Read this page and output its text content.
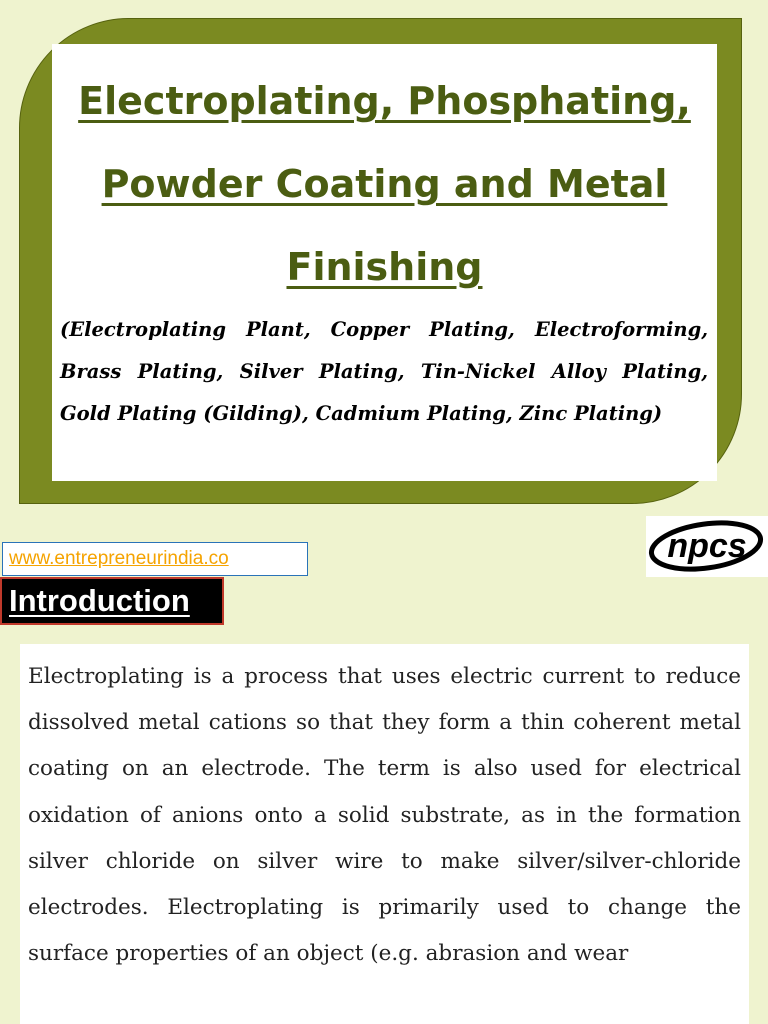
Electroplating, Phosphating, Powder Coating and Metal Finishing

(Electroplating Plant, Copper Plating, Electroforming, Brass Plating, Silver Plating, Tin-Nickel Alloy Plating, Gold Plating (Gilding), Cadmium Plating, Zinc Plating)

www.entrepreneurindia.co	npcs
Introduction

Electroplating is a process that uses electric current to reduce dissolved metal cations so that they form a thin coherent metal coating on an electrode. The term is also used for electrical oxidation of anions onto a solid substrate, as in the formation silver chloride on silver wire to make silver/silver-chloride electrodes. Electroplating is primarily used to change the surface properties of an object (e.g. abrasion and wear
